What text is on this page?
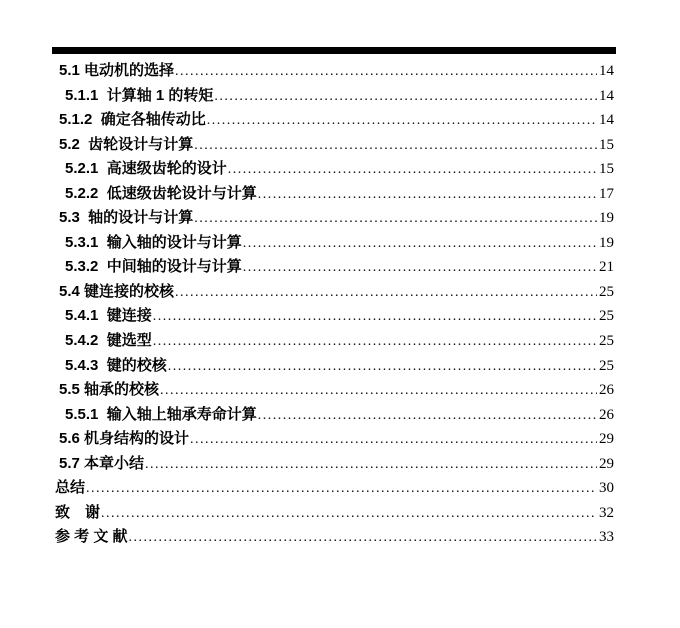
5.1 电动机的选择 .....	14
5.1.1  计算轴 1 的转矩 .....	14
5.1.2  确定各轴传动比 .....	14
5.2  齿轮设计与计算 .....	15
5.2.1  高速级齿轮的设计 .....	15
5.2.2  低速级齿轮设计与计算 .....	17
5.3  轴的设计与计算 .....	19
5.3.1  输入轴的设计与计算 .....	19
5.3.2  中间轴的设计与计算 .....	21
5.4 键连接的校核 .....	25
5.4.1  键连接 .....	25
5.4.2  键选型 .....	25
5.4.3  键的校核 .....	25
5.5 轴承的校核 .....	26
5.5.1  输入轴上轴承寿命计算 .....	26
5.6 机身结构的设计 .....	29
5.7 本章小结 .....	29
总结 .....	30
致　谢 .....	32
参 考 文 献 .....	33
